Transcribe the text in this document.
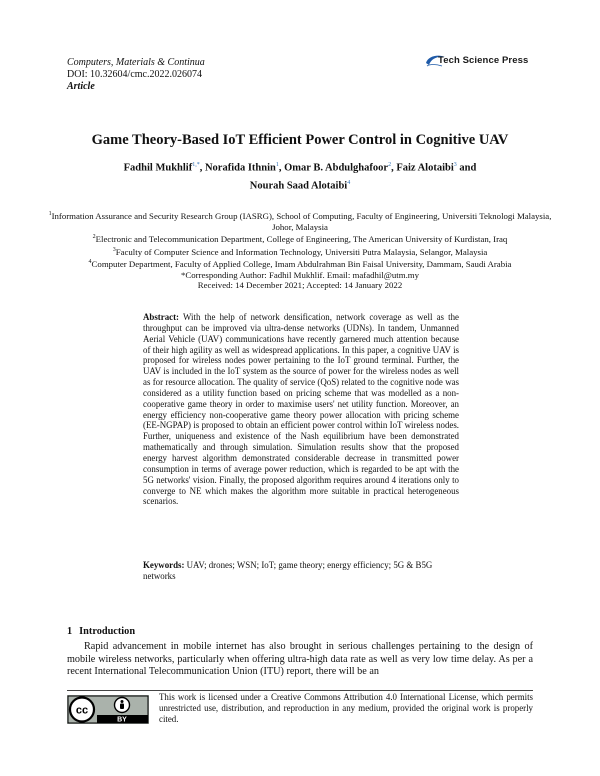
Computers, Materials & Continua
DOI: 10.32604/cmc.2022.026074
Article
Tech Science Press
Game Theory-Based IoT Efficient Power Control in Cognitive UAV
Fadhil Mukhlif$^{1,*}$, Norafida Ithnin$^1$, Omar B. Abdulghafoor$^2$, Faiz Alotaibi$^3$ and
Nourah Saad Alotaibi$^4$
$^1$Information Assurance and Security Research Group (IASRG), School of Computing, Faculty of Engineering, Universiti Teknologi Malaysia, Johor, Malaysia
$^2$Electronic and Telecommunication Department, College of Engineering, The American University of Kurdistan, Iraq
$^3$Faculty of Computer Science and Information Technology, Universiti Putra Malaysia, Selangor, Malaysia
$^4$Computer Department, Faculty of Applied College, Imam Abdulrahman Bin Faisal University, Dammam, Saudi Arabia
*Corresponding Author: Fadhil Mukhlif. Email: mafadhil@utm.my
Received: 14 December 2021; Accepted: 14 January 2022
Abstract: With the help of network densification, network coverage as well as the throughput can be improved via ultra-dense networks (UDNs). In tandem, Unmanned Aerial Vehicle (UAV) communications have recently garnered much attention because of their high agility as well as widespread applications. In this paper, a cognitive UAV is proposed for wireless nodes power pertaining to the IoT ground terminal. Further, the UAV is included in the IoT system as the source of power for the wireless nodes as well as for resource allocation. The quality of service (QoS) related to the cognitive node was considered as a utility function based on pricing scheme that was modelled as a non-cooperative game theory in order to maximise users' net utility function. Moreover, an energy efficiency non-cooperative game theory power allocation with pricing scheme (EE-NGPAP) is proposed to obtain an efficient power control within IoT wireless nodes. Further, uniqueness and existence of the Nash equilibrium have been demonstrated mathematically and through simulation. Simulation results show that the proposed energy harvest algorithm demonstrated considerable decrease in transmitted power consumption in terms of average power reduction, which is regarded to be apt with the 5G networks' vision. Finally, the proposed algorithm requires around 4 iterations only to converge to NE which makes the algorithm more suitable in practical heterogeneous scenarios.
Keywords: UAV; drones; WSN; IoT; game theory; energy efficiency; 5G & B5G networks
1 Introduction
Rapid advancement in mobile internet has also brought in serious challenges pertaining to the design of mobile wireless networks, particularly when offering ultra-high data rate as well as very low time delay. As per a recent International Telecommunication Union (ITU) report, there will be an
cc
BY
This work is licensed under a Creative Commons Attribution 4.0 International License, which permits unrestricted use, distribution, and reproduction in any medium, provided the original work is properly cited.
